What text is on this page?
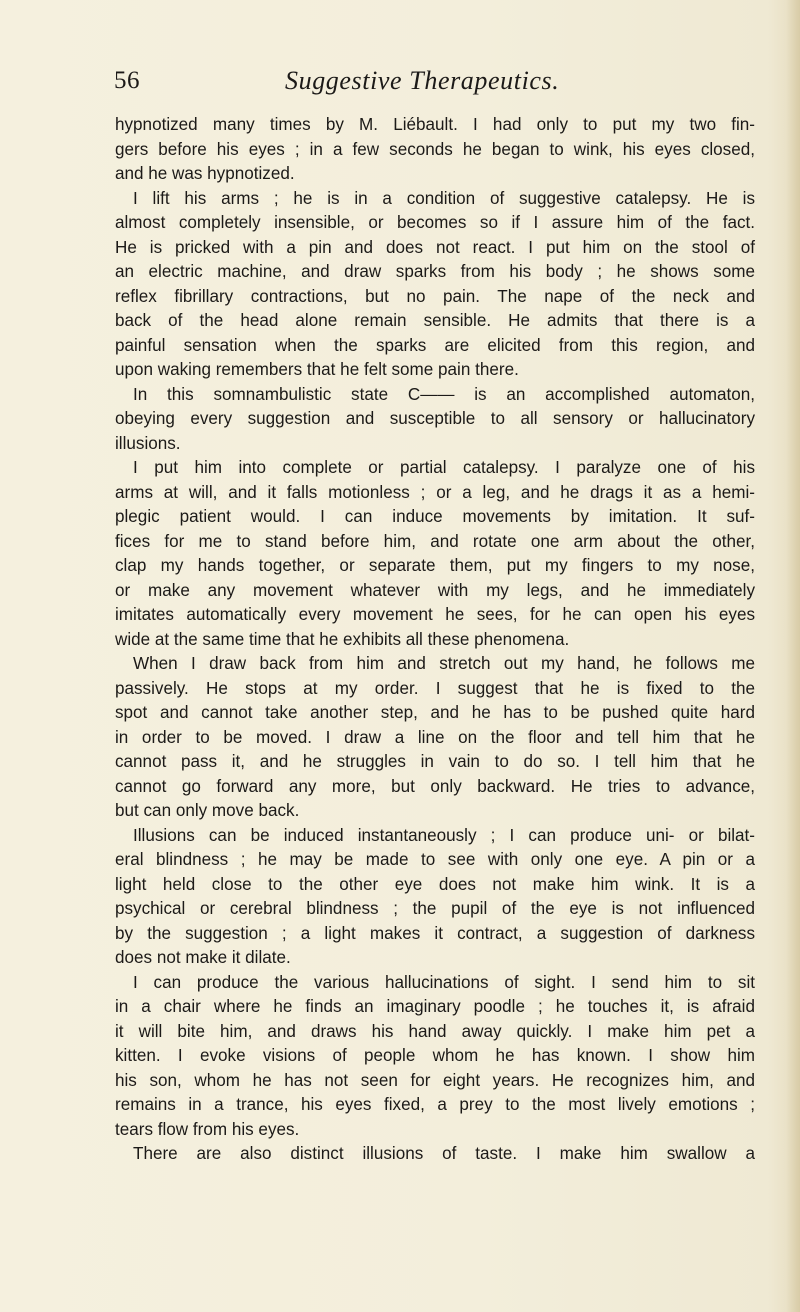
56	Suggestive Therapeutics.
hypnotized many times by M. Liébault. I had only to put my two fin-
gers before his eyes ; in a few seconds he began to wink, his eyes closed,
and he was hypnotized.
I lift his arms ; he is in a condition of suggestive catalepsy. He is
almost completely insensible, or becomes so if I assure him of the fact.
He is pricked with a pin and does not react. I put him on the stool of
an electric machine, and draw sparks from his body ; he shows some
reflex fibrillary contractions, but no pain. The nape of the neck and
back of the head alone remain sensible. He admits that there is a
painful sensation when the sparks are elicited from this region, and
upon waking remembers that he felt some pain there.
In this somnambulistic state C—— is an accomplished automaton,
obeying every suggestion and susceptible to all sensory or hallucinatory
illusions.
I put him into complete or partial catalepsy. I paralyze one of his
arms at will, and it falls motionless ; or a leg, and he drags it as a hemi-
plegic patient would. I can induce movements by imitation. It suf-
fices for me to stand before him, and rotate one arm about the other,
clap my hands together, or separate them, put my fingers to my nose,
or make any movement whatever with my legs, and he immediately
imitates automatically every movement he sees, for he can open his eyes
wide at the same time that he exhibits all these phenomena.
When I draw back from him and stretch out my hand, he follows me
passively. He stops at my order. I suggest that he is fixed to the
spot and cannot take another step, and he has to be pushed quite hard
in order to be moved. I draw a line on the floor and tell him that he
cannot pass it, and he struggles in vain to do so. I tell him that he
cannot go forward any more, but only backward. He tries to advance,
but can only move back.
Illusions can be induced instantaneously ; I can produce uni- or bilat-
eral blindness ; he may be made to see with only one eye. A pin or a
light held close to the other eye does not make him wink. It is a
psychical or cerebral blindness ; the pupil of the eye is not influenced
by the suggestion ; a light makes it contract, a suggestion of darkness
does not make it dilate.
I can produce the various hallucinations of sight. I send him to sit
in a chair where he finds an imaginary poodle ; he touches it, is afraid
it will bite him, and draws his hand away quickly. I make him pet a
kitten. I evoke visions of people whom he has known. I show him
his son, whom he has not seen for eight years. He recognizes him, and
remains in a trance, his eyes fixed, a prey to the most lively emotions ;
tears flow from his eyes.
There are also distinct illusions of taste. I make him swallow a
